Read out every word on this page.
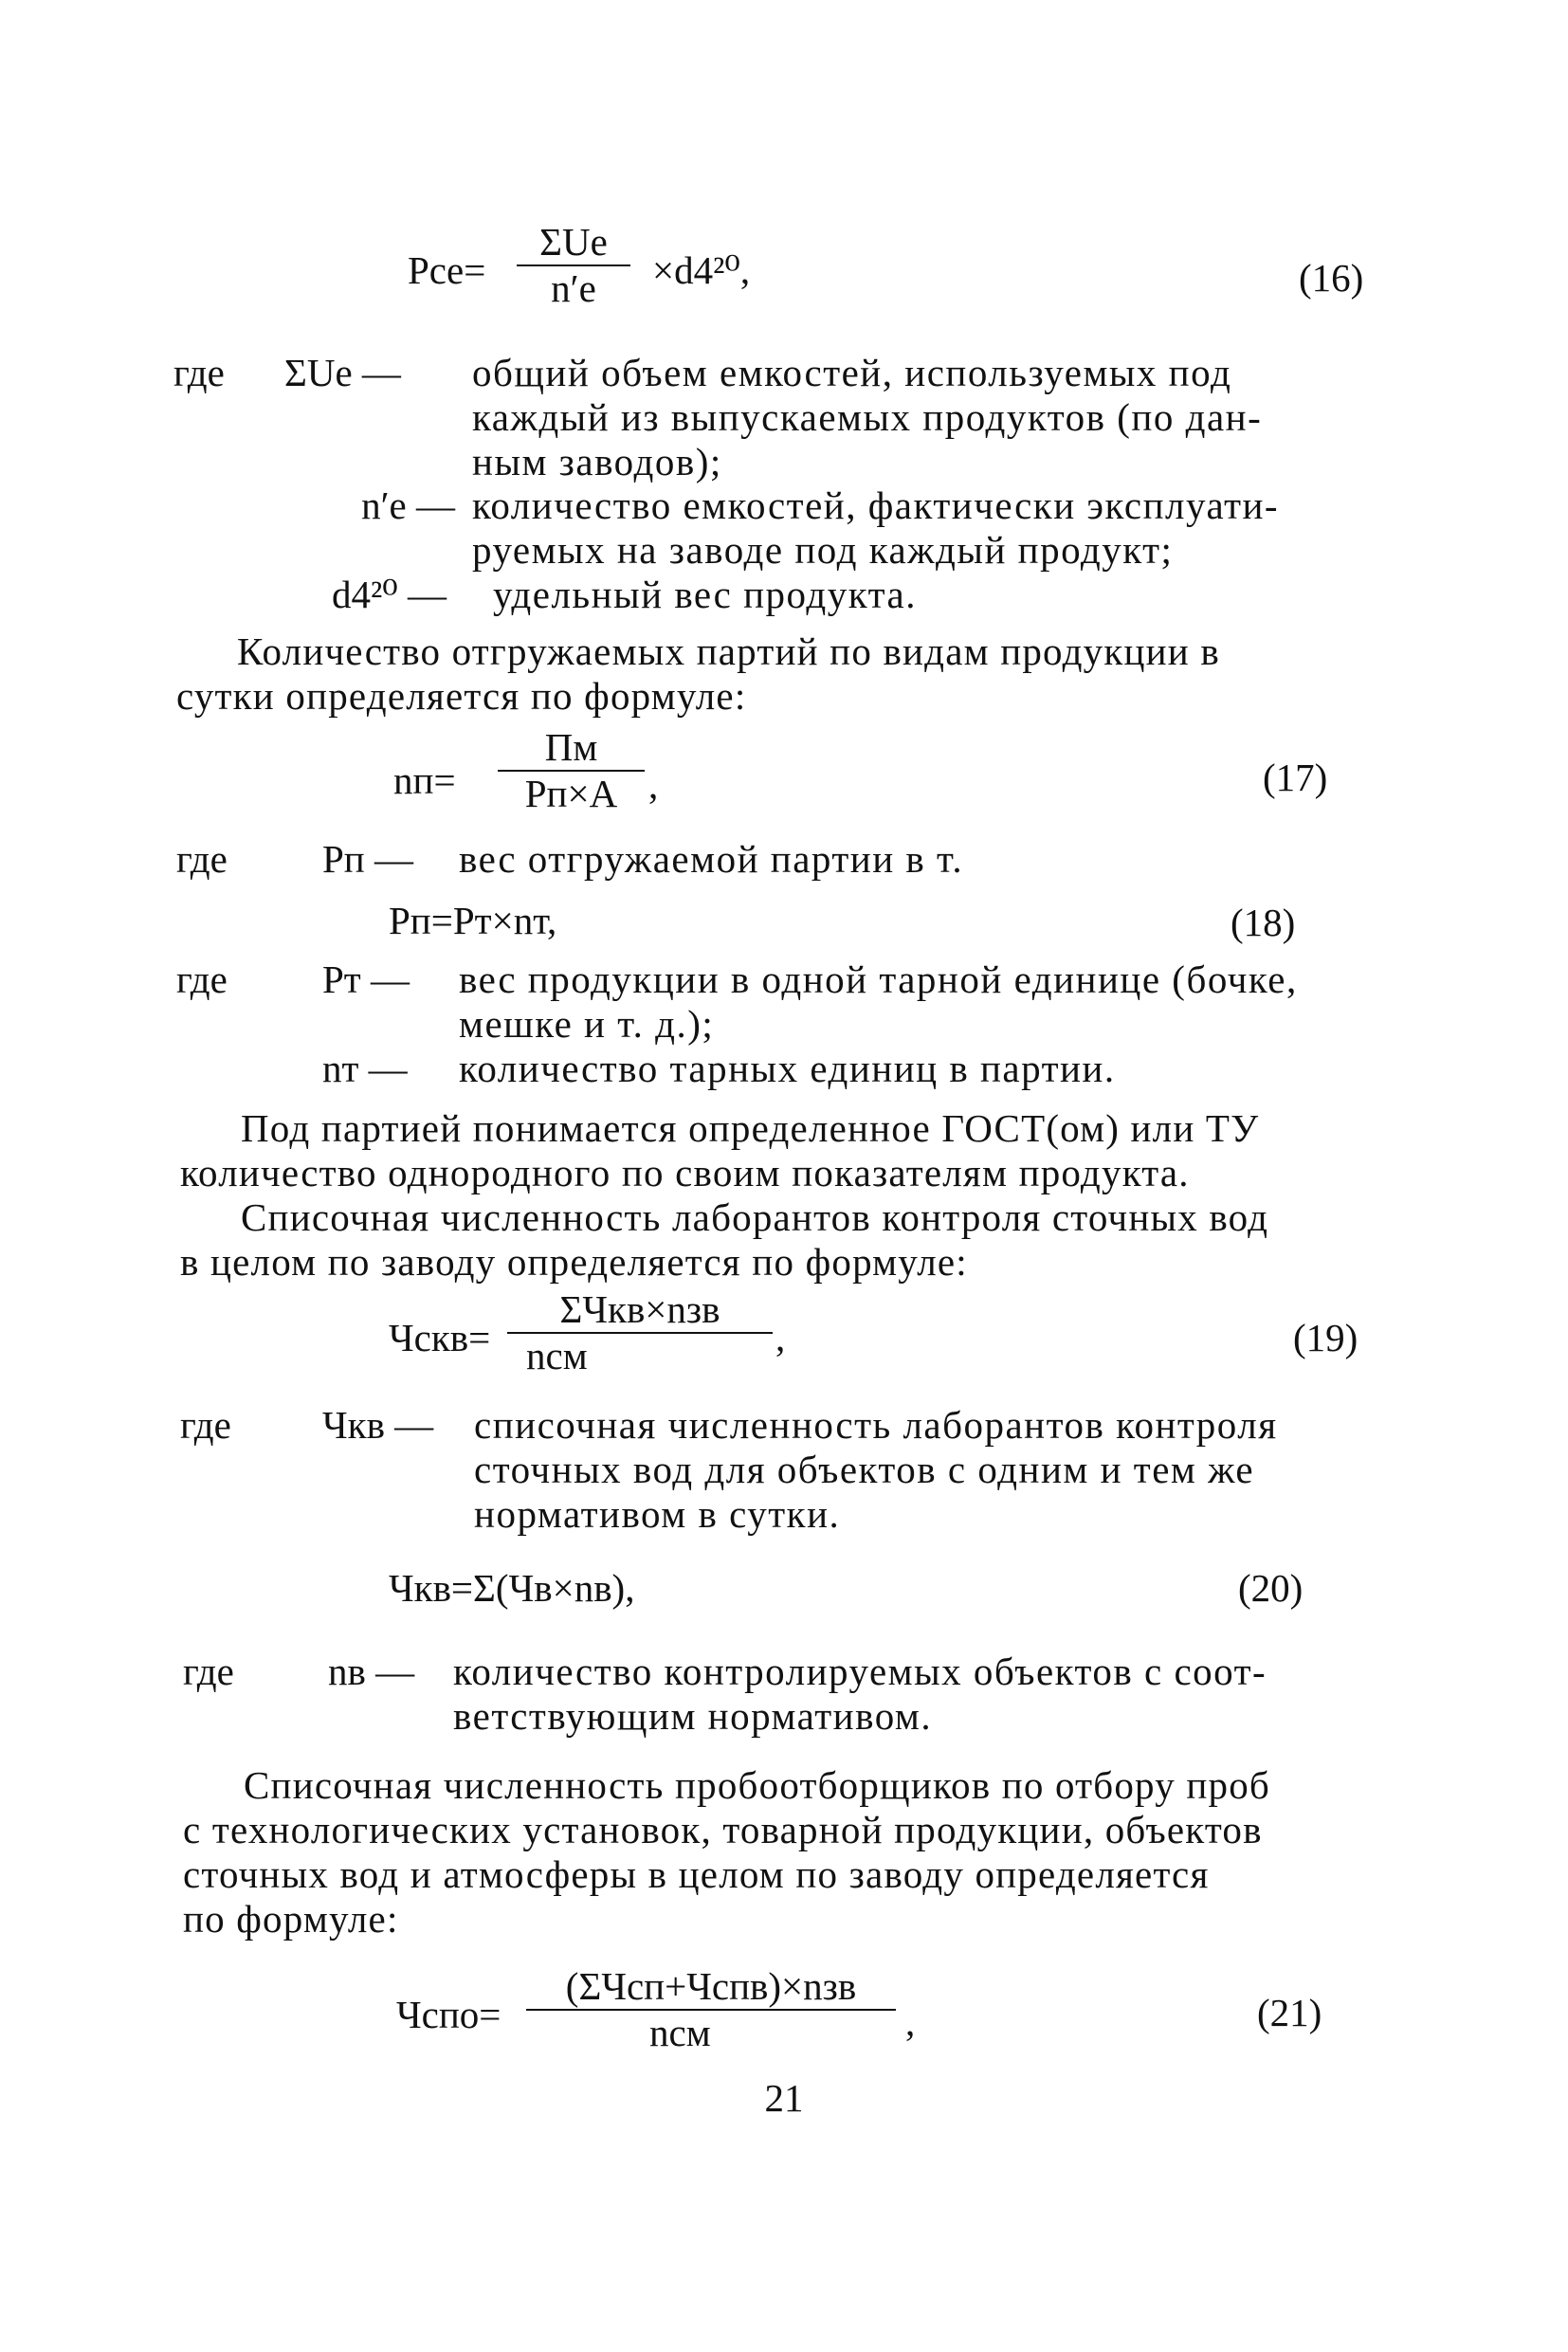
Pce=
ΣUe
n′e	×d4²⁰,	(16)
где ΣUe —	общий объем емкостей, используемых под
каждый из выпускаемых продуктов (по дан-
ным заводов);
n′e — количество емкостей, фактически эксплуати-
руемых на заводе под каждый продукт;
d4²⁰ —	удельный вес продукта.
Количество отгружаемых партий по видам продукции в
сутки определяется по формуле:
nп=
Пм
Pп×A ,	(17)
где Pп —	вес отгружаемой партии в т.
Pп=Pт×nт,	(18)
где Pт —	вес продукции в одной тарной единице (бочке,
мешке и т. д.);
nт —	количество тарных единиц в партии.
Под партией понимается определенное ГОСТ(ом) или ТУ
количество однородного по своим показателям продукта.
Списочная численность лаборантов контроля сточных вод
в целом по заводу определяется по формуле:
Чскв=
ΣЧкв×nзв
nсм	,	(19)
где Чкв —	списочная численность лаборантов контроля
сточных вод для объектов с одним и тем же
нормативом в сутки.
Чкв=Σ(Чв×nв),	(20)
где nв — количество контролируемых объектов с соот-
ветствующим нормативом.
Списочная численность пробоотборщиков по отбору проб
с технологических установок, товарной продукции, объектов
сточных вод и атмосферы в целом по заводу определяется
по формуле:
Чспо=
(ΣЧсп+Чспв)×nзв
nсм	,	(21)
21
